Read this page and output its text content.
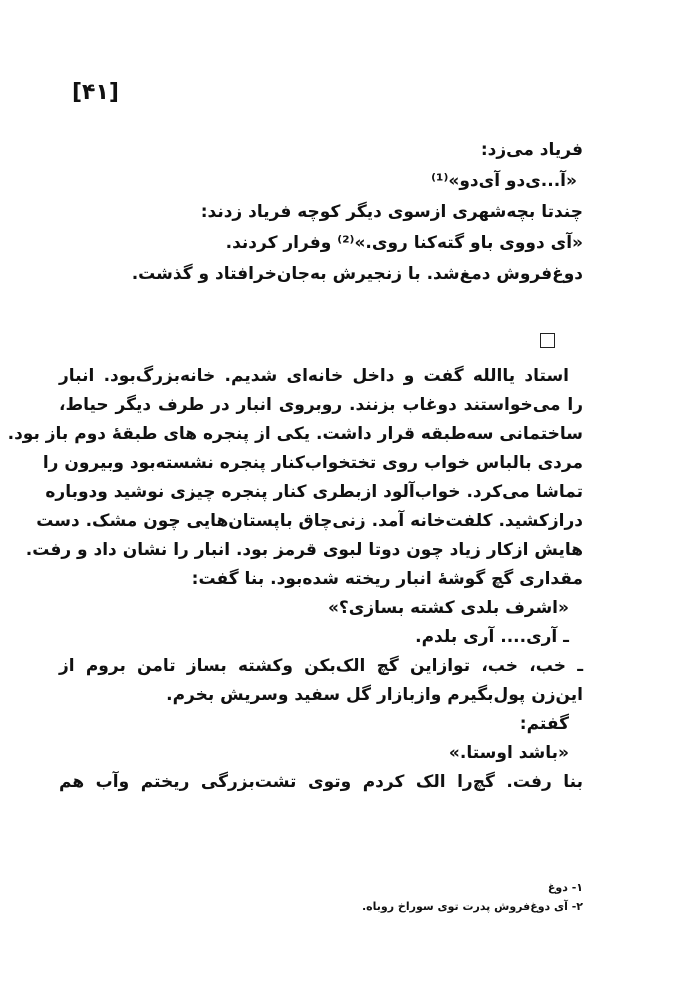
[۴۱]
فریاد می‌زد:
«آ...ی‌دو آی‌دو»⁽¹⁾
چندتا بچه‌شهری ازسوی دیگر کوچه فریاد زدند:
«آی دووی باو گته‌کنا روی.»⁽²⁾ وفرار کردند.
دوغ‌فروش دمغ‌شد. با زنجیرش به‌جان‌خرافتاد و گذشت.
استاد یاالله گفت و داخل خانه‌ای شدیم. خانه‌بزرگ‌بود. انبار
را می‌خواستند دوغاب بزنند. روبروی انبار در طرف دیگر حیاط،
ساختمانی سه‌طبقه قرار داشت. یکی از پنجره های طبقهٔ دوم باز بود.
مردی بالباس خواب روی تختخواب‌کنار پنجره نشسته‌بود وبیرون را
تماشا می‌کرد. خواب‌آلود ازبطری کنار پنجره چیزی نوشید ودوباره
درازکشید. کلفت‌خانه آمد. زنی‌چاق باپستان‌هایی چون مشک. دست
هایش ازکار زیاد چون دوتا لبوی قرمز بود. انبار را نشان داد و رفت.
مقداری گچ گوشهٔ انبار ریخته شده‌بود. بنا گفت:
«اشرف بلدی کشته بسازی؟»
ـ آری.... آری بلدم.
ـ خب، خب، توازاین گچ الک‌بکن وکشته بساز تامن بروم از
این‌زن پول‌بگیرم وازبازار گل سفید وسریش بخرم.
گفتم:
«باشد اوستا.»
بنا رفت. گچ‌را الک کردم وتوی تشت‌بزرگی ریختم وآب هم
۱- دوغ
۲- آی دوغ‌فروش پدرت توی سوراخ روباه.
